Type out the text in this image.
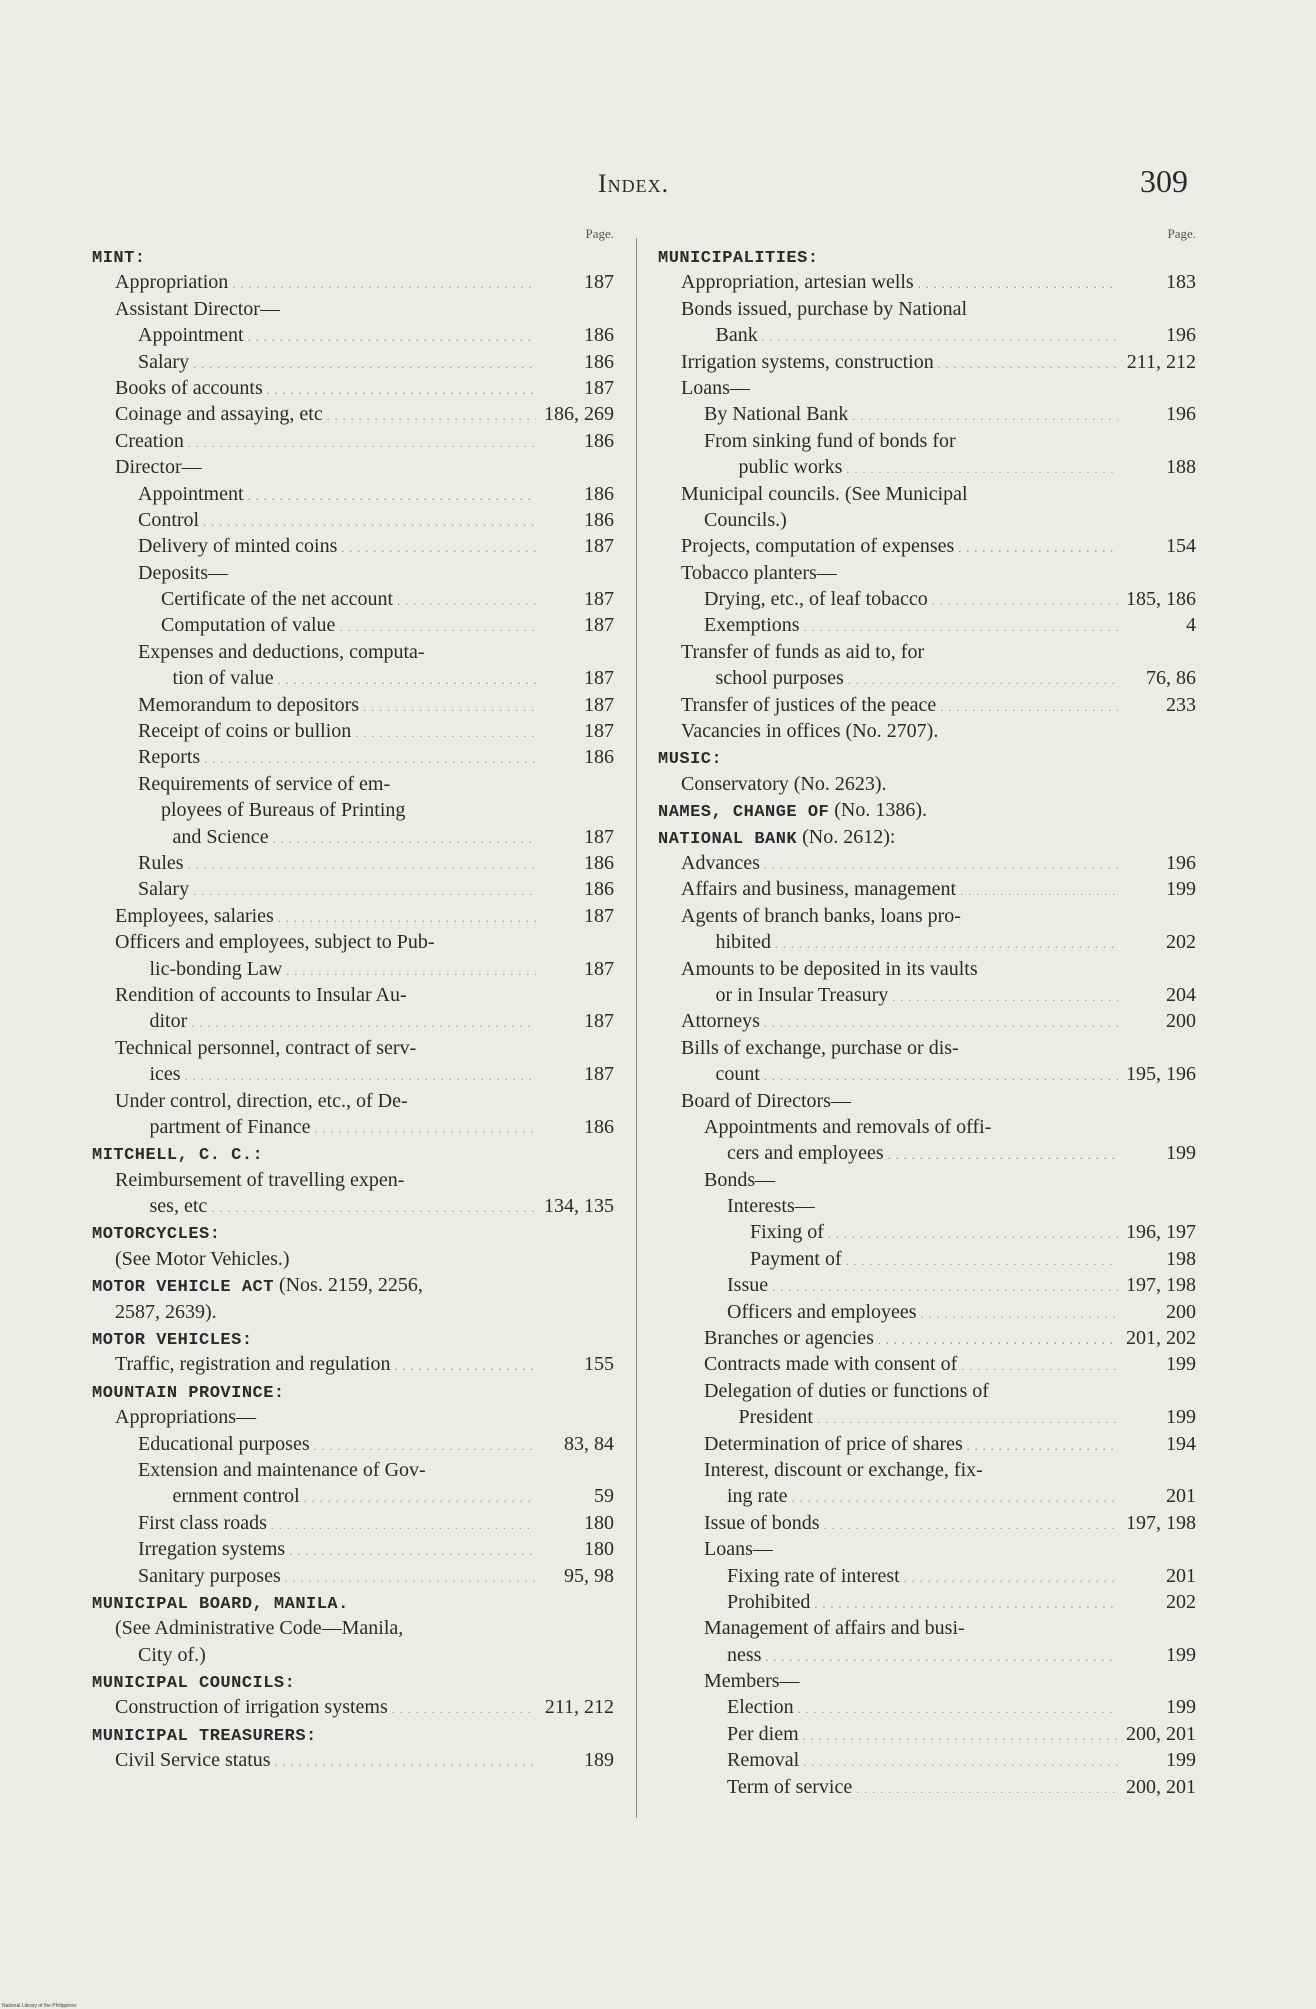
Index.	309
Page.
MINT:
Appropriation . . .	187
Assistant Director—
Appointment . . .	186
Salary . . .	186
Books of accounts . . .	187
Coinage and assaying, etc . . .	186, 269
Creation . . .	186
Director—
Appointment . . .	186
Control . . .	186
Delivery of minted coins . . .	187
Deposits—
Certificate of the net account . . .	187
Computation of value . . .	187
Expenses and deductions, computa-
tion of value . . .	187
Memorandum to depositors . . .	187
Receipt of coins or bullion . . .	187
Reports . . .	186
Requirements of service of em-
ployees of Bureaus of Printing
and Science . . .	187
Rules . . .	186
Salary . . .	186
Employees, salaries . . .	187
Officers and employees, subject to Pub-
lic-bonding Law . . .	187
Rendition of accounts to Insular Au-
ditor . . .	187
Technical personnel, contract of serv-
ices . . .	187
Under control, direction, etc., of De-
partment of Finance . . .	186
MITCHELL, C. C.:
Reimbursement of travelling expen-
ses, etc . . .	134, 135
MOTORCYCLES:
(See Motor Vehicles.)
MOTOR VEHICLE ACT (Nos. 2159, 2256,
2587, 2639).
MOTOR VEHICLES:
Traffic, registration and regulation . . .	155
MOUNTAIN PROVINCE:
Appropriations—
Educational purposes . . .	83, 84
Extension and maintenance of Gov-
ernment control . . .	59
First class roads . . .	180
Irregation systems . . .	180
Sanitary purposes . . .	95, 98
MUNICIPAL BOARD, MANILA.
(See Administrative Code—Manila,
City of.)
MUNICIPAL COUNCILS:
Construction of irrigation systems . . .	211, 212
MUNICIPAL TREASURERS:
Civil Service status . . .	189
Page.
MUNICIPALITIES:
Appropriation, artesian wells . . .	183
Bonds issued, purchase by National
Bank . . .	196
Irrigation systems, construction . . .	211, 212
Loans—
By National Bank . . .	196
From sinking fund of bonds for
public works . . .	188
Municipal councils. (See Municipal
Councils.)
Projects, computation of expenses . . .	154
Tobacco planters—
Drying, etc., of leaf tobacco . . .	185, 186
Exemptions . . .	4
Transfer of funds as aid to, for
school purposes . . .	76, 86
Transfer of justices of the peace . . .	233
Vacancies in offices (No. 2707).
MUSIC:
Conservatory (No. 2623).
NAMES, CHANGE OF (No. 1386).
NATIONAL BANK (No. 2612):
Advances . . .	196
Affairs and business, management . . .	199
Agents of branch banks, loans pro-
hibited . . .	202
Amounts to be deposited in its vaults
or in Insular Treasury . . .	204
Attorneys . . .	200
Bills of exchange, purchase or dis-
count . . .	195, 196
Board of Directors—
Appointments and removals of offi-
cers and employees . . .	199
Bonds—
Interests—
Fixing of . . .	196, 197
Payment of . . .	198
Issue . . .	197, 198
Officers and employees . . .	200
Branches or agencies . . .	201, 202
Contracts made with consent of . . .	199
Delegation of duties or functions of
President . . .	199
Determination of price of shares . . .	194
Interest, discount or exchange, fix-
ing rate . . .	201
Issue of bonds . . .	197, 198
Loans—
Fixing rate of interest . . .	201
Prohibited . . .	202
Management of affairs and busi-
ness . . .	199
Members—
Election . . .	199
Per diem . . .	200, 201
Removal . . .	199
Term of service . . .	200, 201
National Library of the Philippines
